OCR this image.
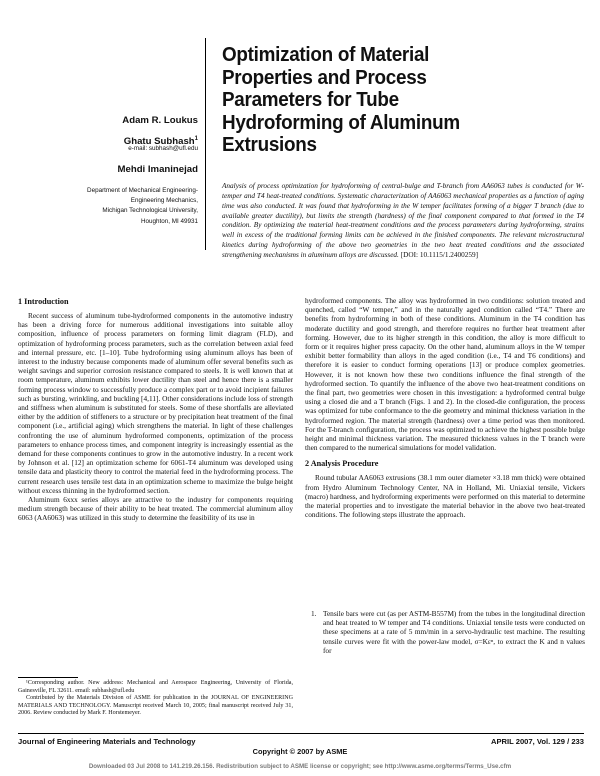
Optimization of Material
Properties and Process
Parameters for Tube
Hydroforming of Aluminum
Extrusions
Adam R. Loukus
Ghatu Subhash$^1$
e-mail: subhash@ufl.edu
Mehdi Imaninejad
Department of Mechanical Engineering-
Engineering Mechanics,
Michigan Technological University,
Houghton, MI 49931
Analysis of process optimization for hydroforming of central-bulge and T-branch from AA6063 tubes is conducted for W-temper and T4 heat-treated conditions. Systematic characterization of AA6063 mechanical properties as a function of aging time was also conducted. It was found that hydroforming in the W temper facilitates forming of a bigger T branch (due to available greater ductility), but limits the strength (hardness) of the final component compared to that formed in the T4 condition. By optimizing the material heat-treatment conditions and the process parameters during hydroforming, strains well in excess of the traditional forming limits can be achieved in the finished components. The relevant microstructural kinetics during hydroforming of the above two geometries in the two heat treated conditions and the associated strengthening mechanisms in aluminum alloys are discussed. [DOI: 10.1115/1.2400259]
1 Introduction

Recent success of aluminum tube-hydroformed components in the automotive industry has been a driving force for numerous additional investigations into suitable alloy composition, influence of process parameters on forming limit diagram (FLD), and optimization of hydroforming process parameters, such as the correlation between axial feed and internal pressure, etc. [1–10]. Tube hydroforming using aluminum alloys has been of interest to the industry because components made of aluminum offer several benefits such as weight savings and superior corrosion resistance compared to steels. It is well known that at room temperature, aluminum exhibits lower ductility than steel and hence there is a smaller forming process window to successfully produce a complex part or to avoid incipient failures such as bursting, wrinkling, and buckling [4,11]. Other considerations include loss of strength and stiffness when aluminum is substituted for steels. Some of these shortfalls are alleviated either by the addition of stiffeners to a structure or by precipitation heat treatment of the final component (i.e., artificial aging) which strengthens the material. In light of these challenges confronting the use of aluminum hydroformed components, optimization of the process parameters to enhance process times, and component integrity is increasingly essential as the demand for these components continues to grow in the automotive industry. In a recent work by Johnson et al. [12] an optimization scheme for 6061-T4 aluminum was developed using tensile data and plasticity theory to control the material feed in the hydroforming process. The current research uses tensile test data in an optimization scheme to maximize the bulge height without excess thinning in the hydroformed section.

Aluminum 6xxx series alloys are attractive to the industry for components requiring medium strength because of their ability to be heat treated. The commercial aluminum alloy 6063 (AA6063) was utilized in this study to determine the feasibility of its use in

¹Corresponding author. New address: Mechanical and Aerospace Engineering, University of Florida, Gainesville, FL 32611. email: subhash@ufl.edu
Contributed by the Materials Division of ASME for publication in the JOURNAL OF ENGINEERING MATERIALS AND TECHNOLOGY. Manuscript received March 10, 2005; final manuscript received July 31, 2006. Review conducted by Mark F. Horstemeyer.

hydroformed components. The alloy was hydroformed in two conditions: solution treated and quenched, called “W temper,” and in the naturally aged condition called “T4.” There are benefits from hydroforming in both of these conditions. Aluminum in the T4 condition has moderate ductility and good strength, and therefore requires no further heat treatment after forming. However, due to its higher strength in this condition, the alloy is more difficult to form or it requires higher press capacity. On the other hand, aluminum alloys in the W temper exhibit better formability than alloys in the aged condition (i.e., T4 and T6 conditions) and therefore it is easier to conduct forming operations [13] or produce complex geometries. However, it is not known how these two conditions influence the final strength of the hydroformed section. To quantify the influence of the above two heat-treatment conditions on the final part, two geometries were chosen in this investigation: a hydroformed central bulge using a closed die and a T branch (Figs. 1 and 2). In the closed-die configuration, the process was optimized for tube conformance to the die geometry and minimal thickness variation in the hydroformed region. The material strength (hardness) over a time period was then monitored. For the T-branch configuration, the process was optimized to achieve the highest possible bulge height and minimal thickness variation. The measured thickness values in the T branch were then compared to the numerical simulations for model validation.

2 Analysis Procedure

Round tubular AA6063 extrusions (38.1 mm outer diameter ×3.18 mm thick) were obtained from Hydro Aluminum Technology Center, NA in Holland, Mi. Uniaxial tensile, Vickers (macro) hardness, and hydroforming experiments were performed on this material to determine the material properties and to investigate the material behavior in the above two heat-treated conditions. The following steps illustrate the approach.

1. Tensile bars were cut (as per ASTM-B557M) from the tubes in the longitudinal direction and heat treated to W temper and T4 conditions. Uniaxial tensile tests were conducted on these specimens at a rate of 5 mm/min in a servo-hydraulic test machine. The resulting tensile curves were fit with the power-law model, σ=Kεⁿ, to extract the K and n values for
Journal of Engineering Materials and Technology	APRIL 2007, Vol. 129 / 233
Copyright © 2007 by ASME
Downloaded 03 Jul 2008 to 141.219.26.156. Redistribution subject to ASME license or copyright; see http://www.asme.org/terms/Terms_Use.cfm
